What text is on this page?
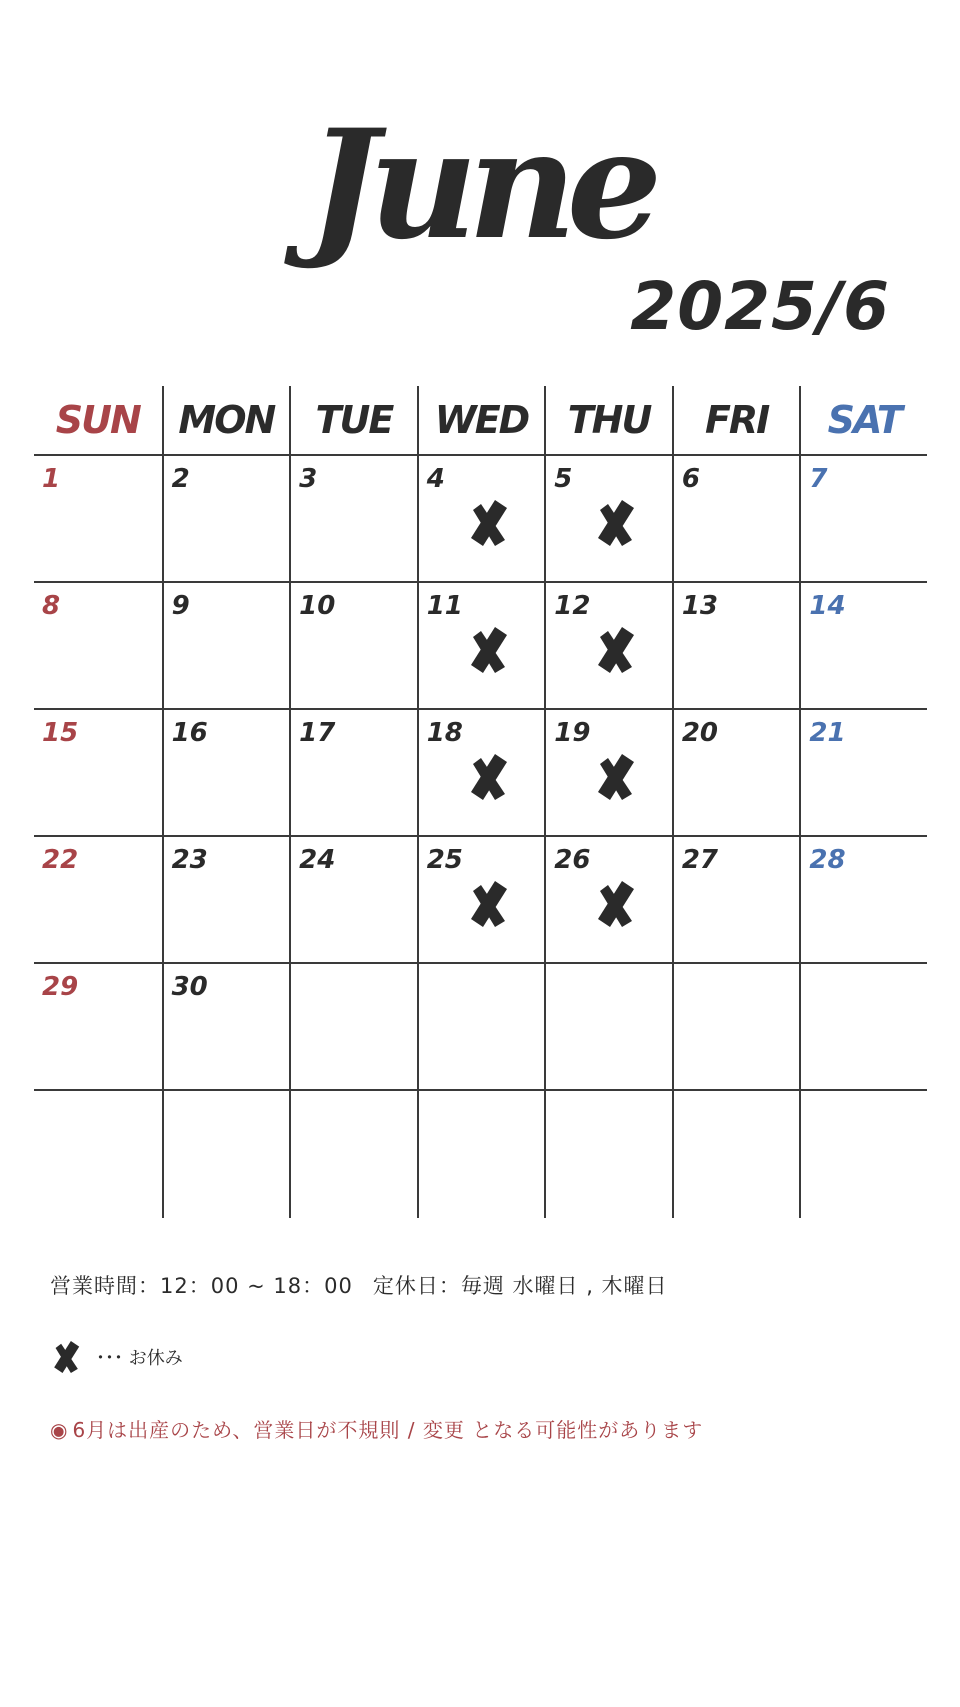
June
2025/6
SUN	MON	TUE	WED	THU	FRI	SAT
1	2	3	4	5	6	7
8	9	10	11	12	13	14
15	16	17	18	19	20	21
22	23	24	25	26	27	28
29	30
営業時間：12：00 ~ 18：00 定休日：毎週 水曜日 , 木曜日
･･･ お休み
◉ 6月は出産のため、営業日が不規則 / 変更 となる可能性があります
